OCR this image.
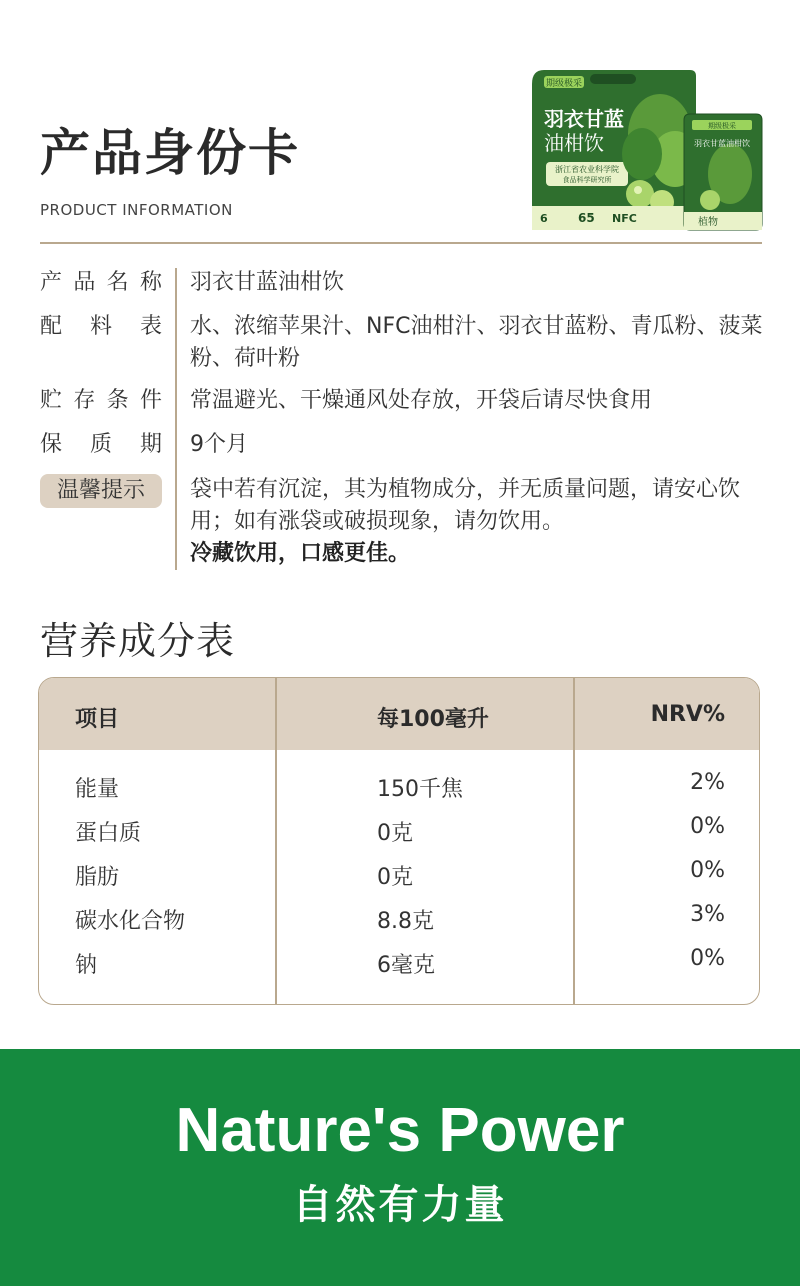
产品身份卡
PRODUCT INFORMATION
期级极采
羽衣甘蓝
油柑饮
浙江省农业科学院
食品科学研究所
6	65 NFC
期级极采
羽衣甘蓝油柑饮
植物
产品名称 羽衣甘蓝油柑饮
配料表 水、浓缩苹果汁、NFC油柑汁、羽衣甘蓝粉、青瓜粉、菠菜粉、荷叶粉
贮存条件 常温避光、干燥通风处存放，开袋后请尽快食用
保质期 9个月
温馨提示	袋中若有沉淀，其为植物成分，并无质量问题，请安心饮用；如有涨袋或破损现象，请勿饮用。
冷藏饮用，口感更佳。
营养成分表
项目	每100毫升	NRV%
能量	150千焦	2%
蛋白质	0克	0%
脂肪	0克	0%
碳水化合物	8.8克	3%
钠	6毫克	0%
Nature's Power
自然有力量
